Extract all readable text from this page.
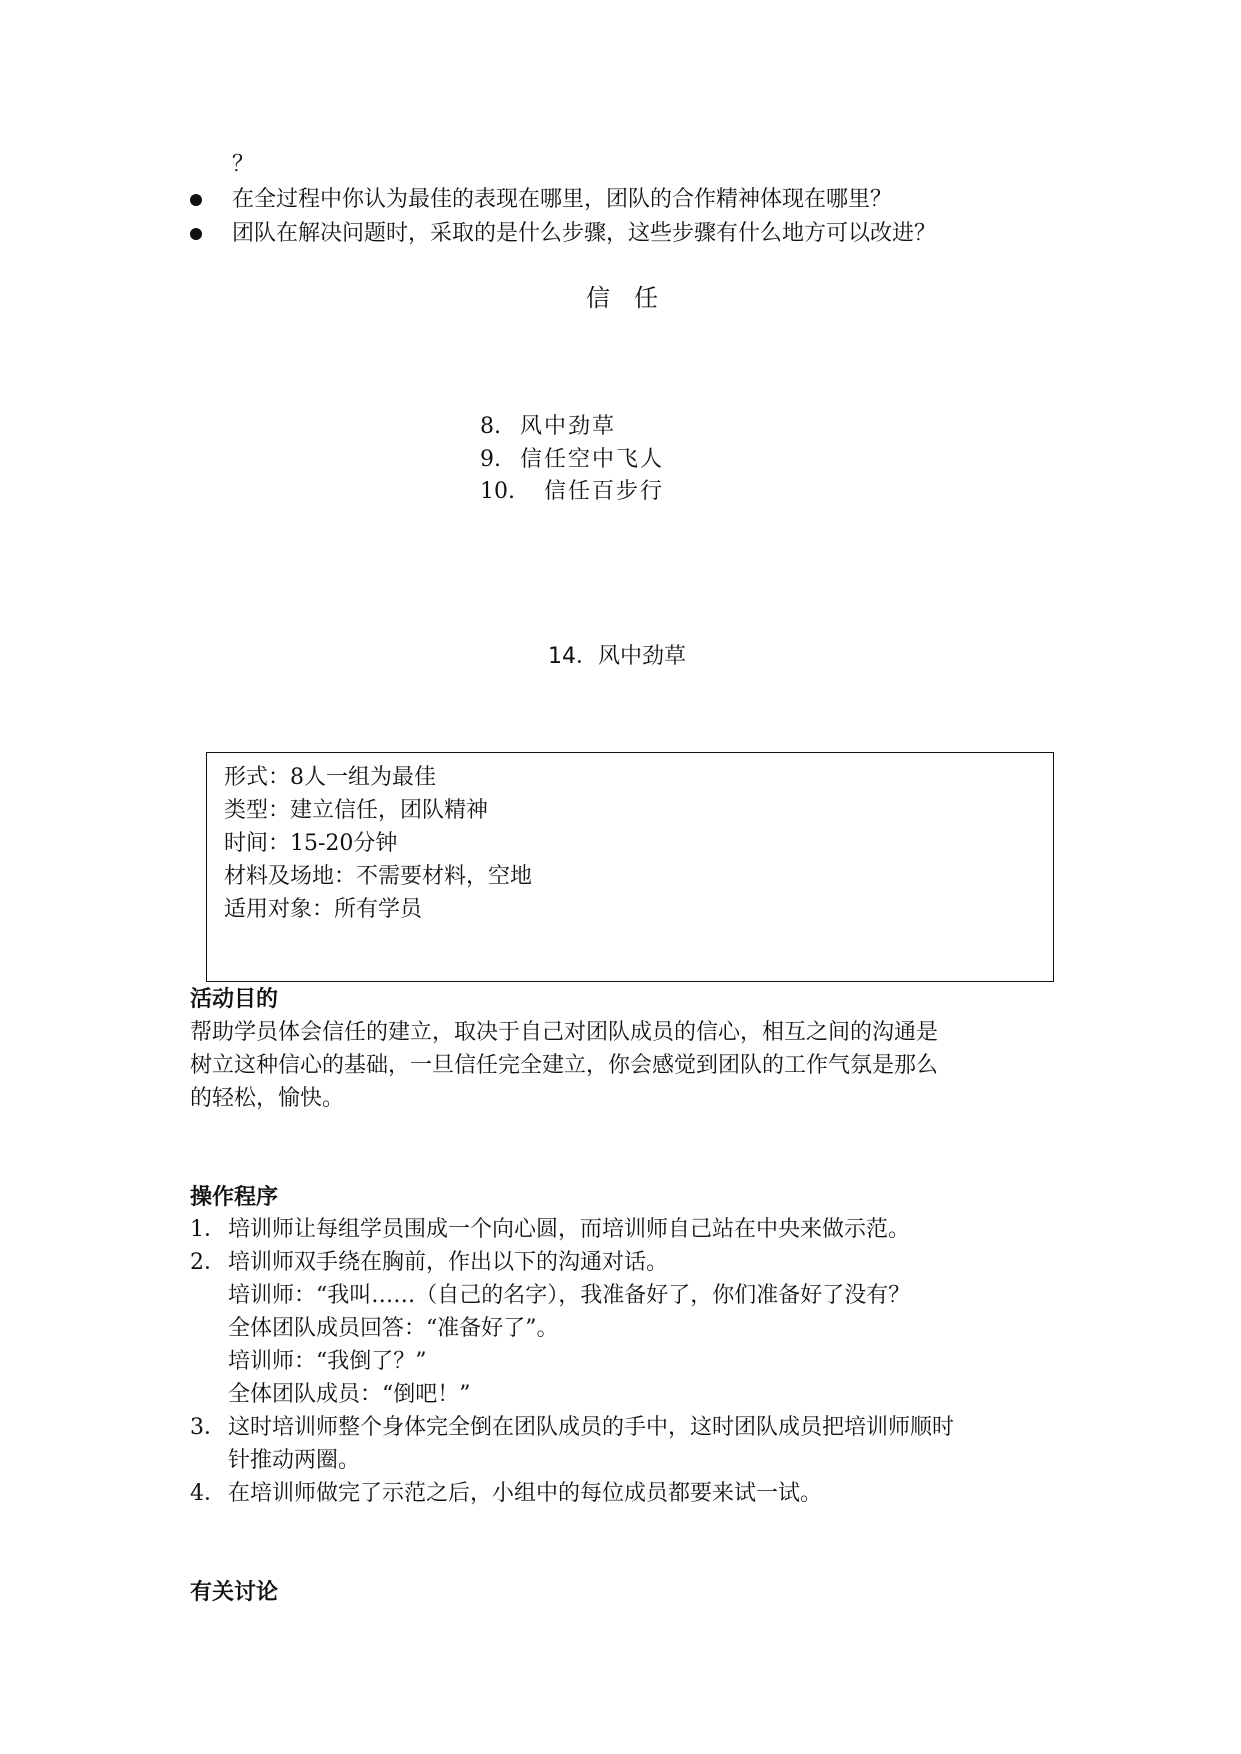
？
在全过程中你认为最佳的表现在哪里，团队的合作精神体现在哪里？
团队在解决问题时，采取的是什么步骤，这些步骤有什么地方可以改进？
信　任
8. 风中劲草
9. 信任空中飞人
10. 信任百步行
14．风中劲草
形式：8人一组为最佳
类型：建立信任，团队精神
时间：15-20分钟
材料及场地：不需要材料，空地
适用对象：所有学员
活动目的
帮助学员体会信任的建立，取决于自己对团队成员的信心，相互之间的沟通是
树立这种信心的基础，一旦信任完全建立，你会感觉到团队的工作气氛是那么
的轻松，愉快。
操作程序
1． 培训师让每组学员围成一个向心圆，而培训师自己站在中央来做示范。
2． 培训师双手绕在胸前，作出以下的沟通对话。
培训师：“我叫……（自己的名字），我准备好了，你们准备好了没有？
全体团队成员回答：“准备好了”。
培训师：“我倒了？”
全体团队成员：“倒吧！”
3． 这时培训师整个身体完全倒在团队成员的手中，这时团队成员把培训师顺时
针推动两圈。
4． 在培训师做完了示范之后，小组中的每位成员都要来试一试。
有关讨论
